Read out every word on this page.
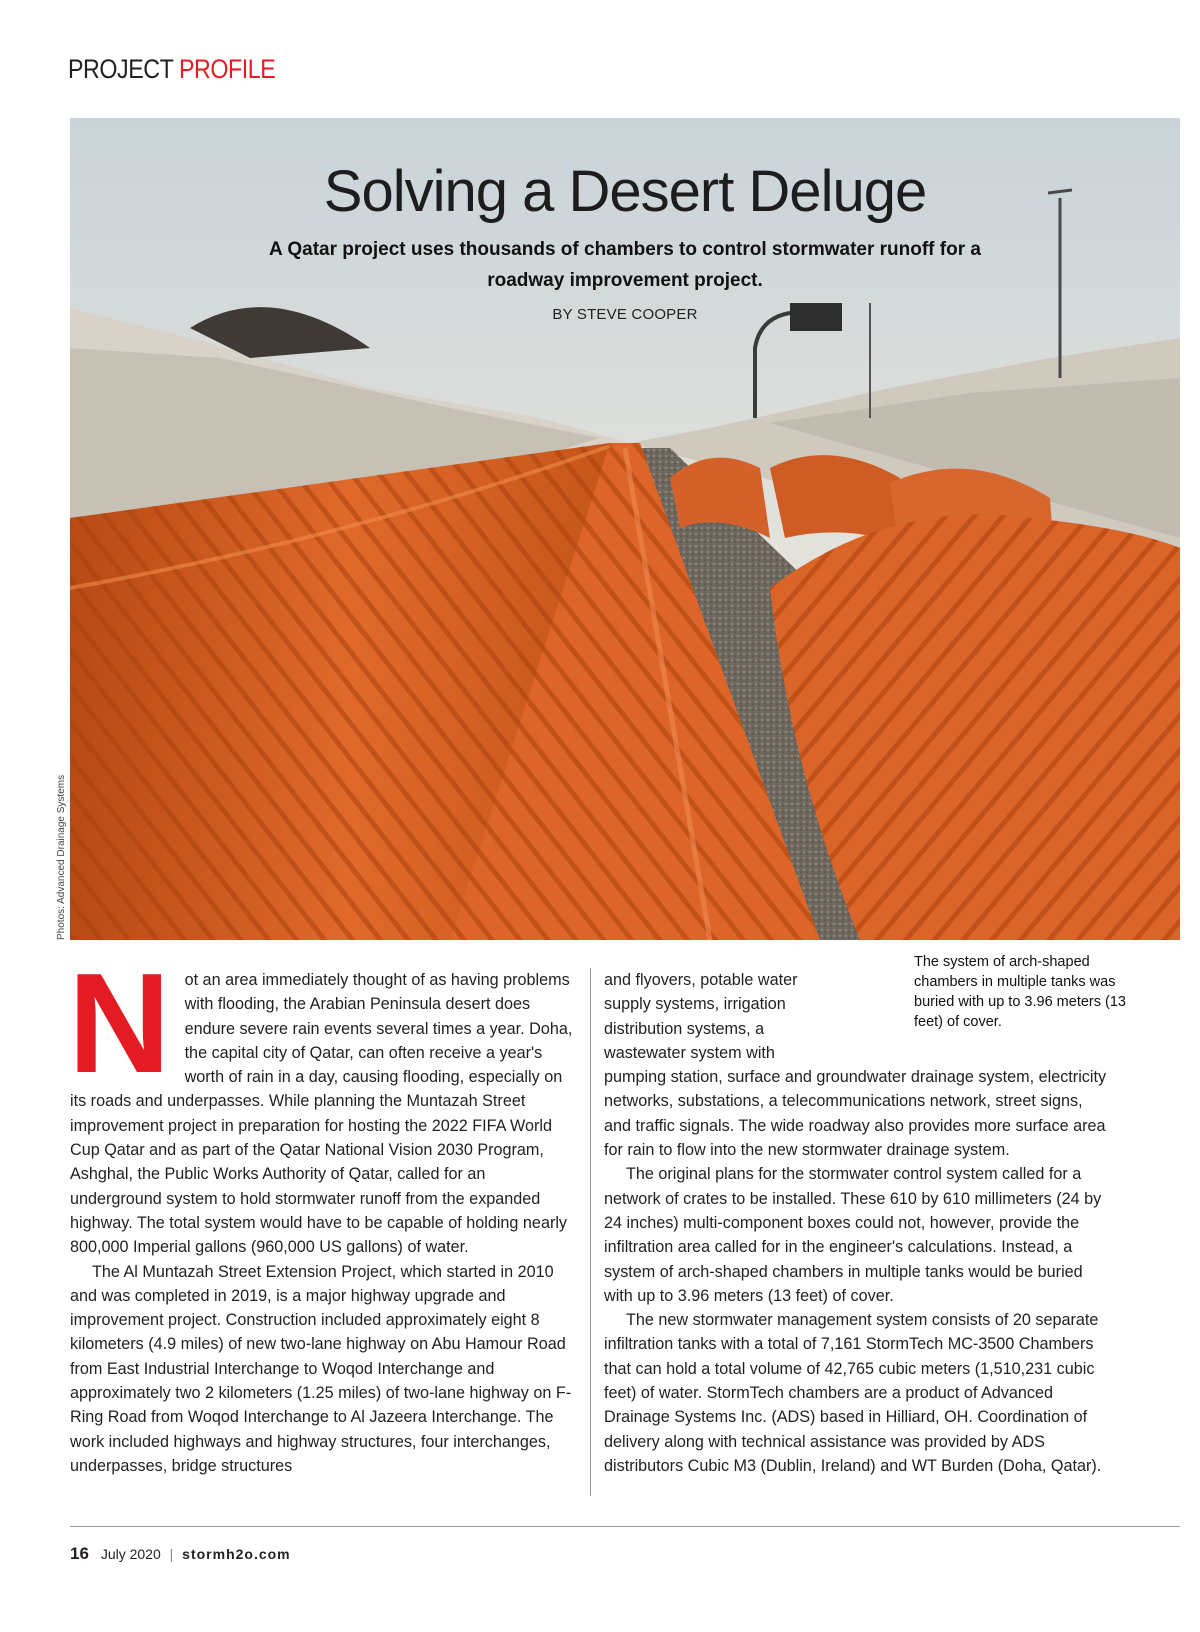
PROJECT PROFILE
Solving a Desert Deluge
A Qatar project uses thousands of chambers to control stormwater runoff for a roadway improvement project.
BY STEVE COOPER
Photos: Advanced Drainage Systems
The system of arch-shaped chambers in multiple tanks was buried with up to 3.96 meters (13 feet) of cover.

Not an area immediately thought of as having problems with flooding, the Arabian Peninsula desert does endure severe rain events several times a year. Doha, the capital city of Qatar, can often receive a year's worth of rain in a day, causing flooding, especially on its roads and underpasses. While planning the Muntazah Street improvement project in preparation for hosting the 2022 FIFA World Cup Qatar and as part of the Qatar National Vision 2030 Program, Ashghal, the Public Works Authority of Qatar, called for an underground system to hold stormwater runoff from the expanded highway. The total system would have to be capable of holding nearly 800,000 Imperial gallons (960,000 US gallons) of water.

The Al Muntazah Street Extension Project, which started in 2010 and was completed in 2019, is a major highway upgrade and improvement project. Construction included approximately eight 8 kilometers (4.9 miles) of new two-lane highway on Abu Hamour Road from East Industrial Interchange to Woqod Interchange and approximately two 2 kilometers (1.25 miles) of two-lane highway on F-Ring Road from Woqod Interchange to Al Jazeera Interchange. The work included highways and highway structures, four interchanges, underpasses, bridge structures

and flyovers, potable water supply systems, irrigation distribution systems, a wastewater system with pumping station, surface and groundwater drainage system, electricity networks, substations, a telecommunications network, street signs, and traffic signals. The wide roadway also provides more surface area for rain to flow into the new stormwater drainage system.

The original plans for the stormwater control system called for a network of crates to be installed. These 610 by 610 millimeters (24 by 24 inches) multi-component boxes could not, however, provide the infiltration area called for in the engineer's calculations. Instead, a system of arch-shaped chambers in multiple tanks would be buried with up to 3.96 meters (13 feet) of cover.

The new stormwater management system consists of 20 separate infiltration tanks with a total of 7,161 StormTech MC-3500 Chambers that can hold a total volume of 42,765 cubic meters (1,510,231 cubic feet) of water. StormTech chambers are a product of Advanced Drainage Systems Inc. (ADS) based in Hilliard, OH. Coordination of delivery along with technical assistance was provided by ADS distributors Cubic M3 (Dublin, Ireland) and WT Burden (Doha, Qatar).

16 July 2020 | stormh2o.com
